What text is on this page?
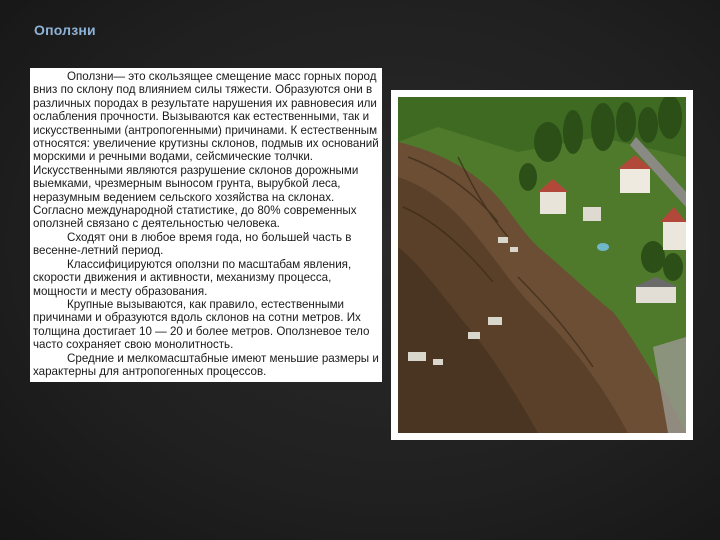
Оползни

Оползни— это скользящее смещение масс горных пород вниз по склону под влиянием силы тяжести. Образуются они в различных породах в результате нарушения их равновесия или ослабления прочности. Вызываются как естественными, так и искусственными (антропогенными) причинами. К естественным относятся: увеличение крутизны склонов, подмыв их оснований морскими и речными водами, сейсмические толчки. Искусственными являются разрушение склонов дорожными выемками, чрезмерным выносом грунта, вырубкой леса, неразумным ведением сельского хозяйства на склонах. Согласно международной статистике, до 80% современных оползней связано с деятельностью человека.

Сходят они в любое время года, но большей часть в весенне-летний период.

Классифицируются оползни по масштабам явления, скорости движения и активности, механизму процесса, мощности и месту образования.

Крупные вызываются, как правило, естественными причинами и образуются вдоль склонов на сотни метров. Их толщина достигает 10 — 20 и более метров. Оползневое тело часто сохраняет свою монолитность.

Средние и мелкомасштабные имеют меньшие размеры и характерны для антропогенных процессов.
